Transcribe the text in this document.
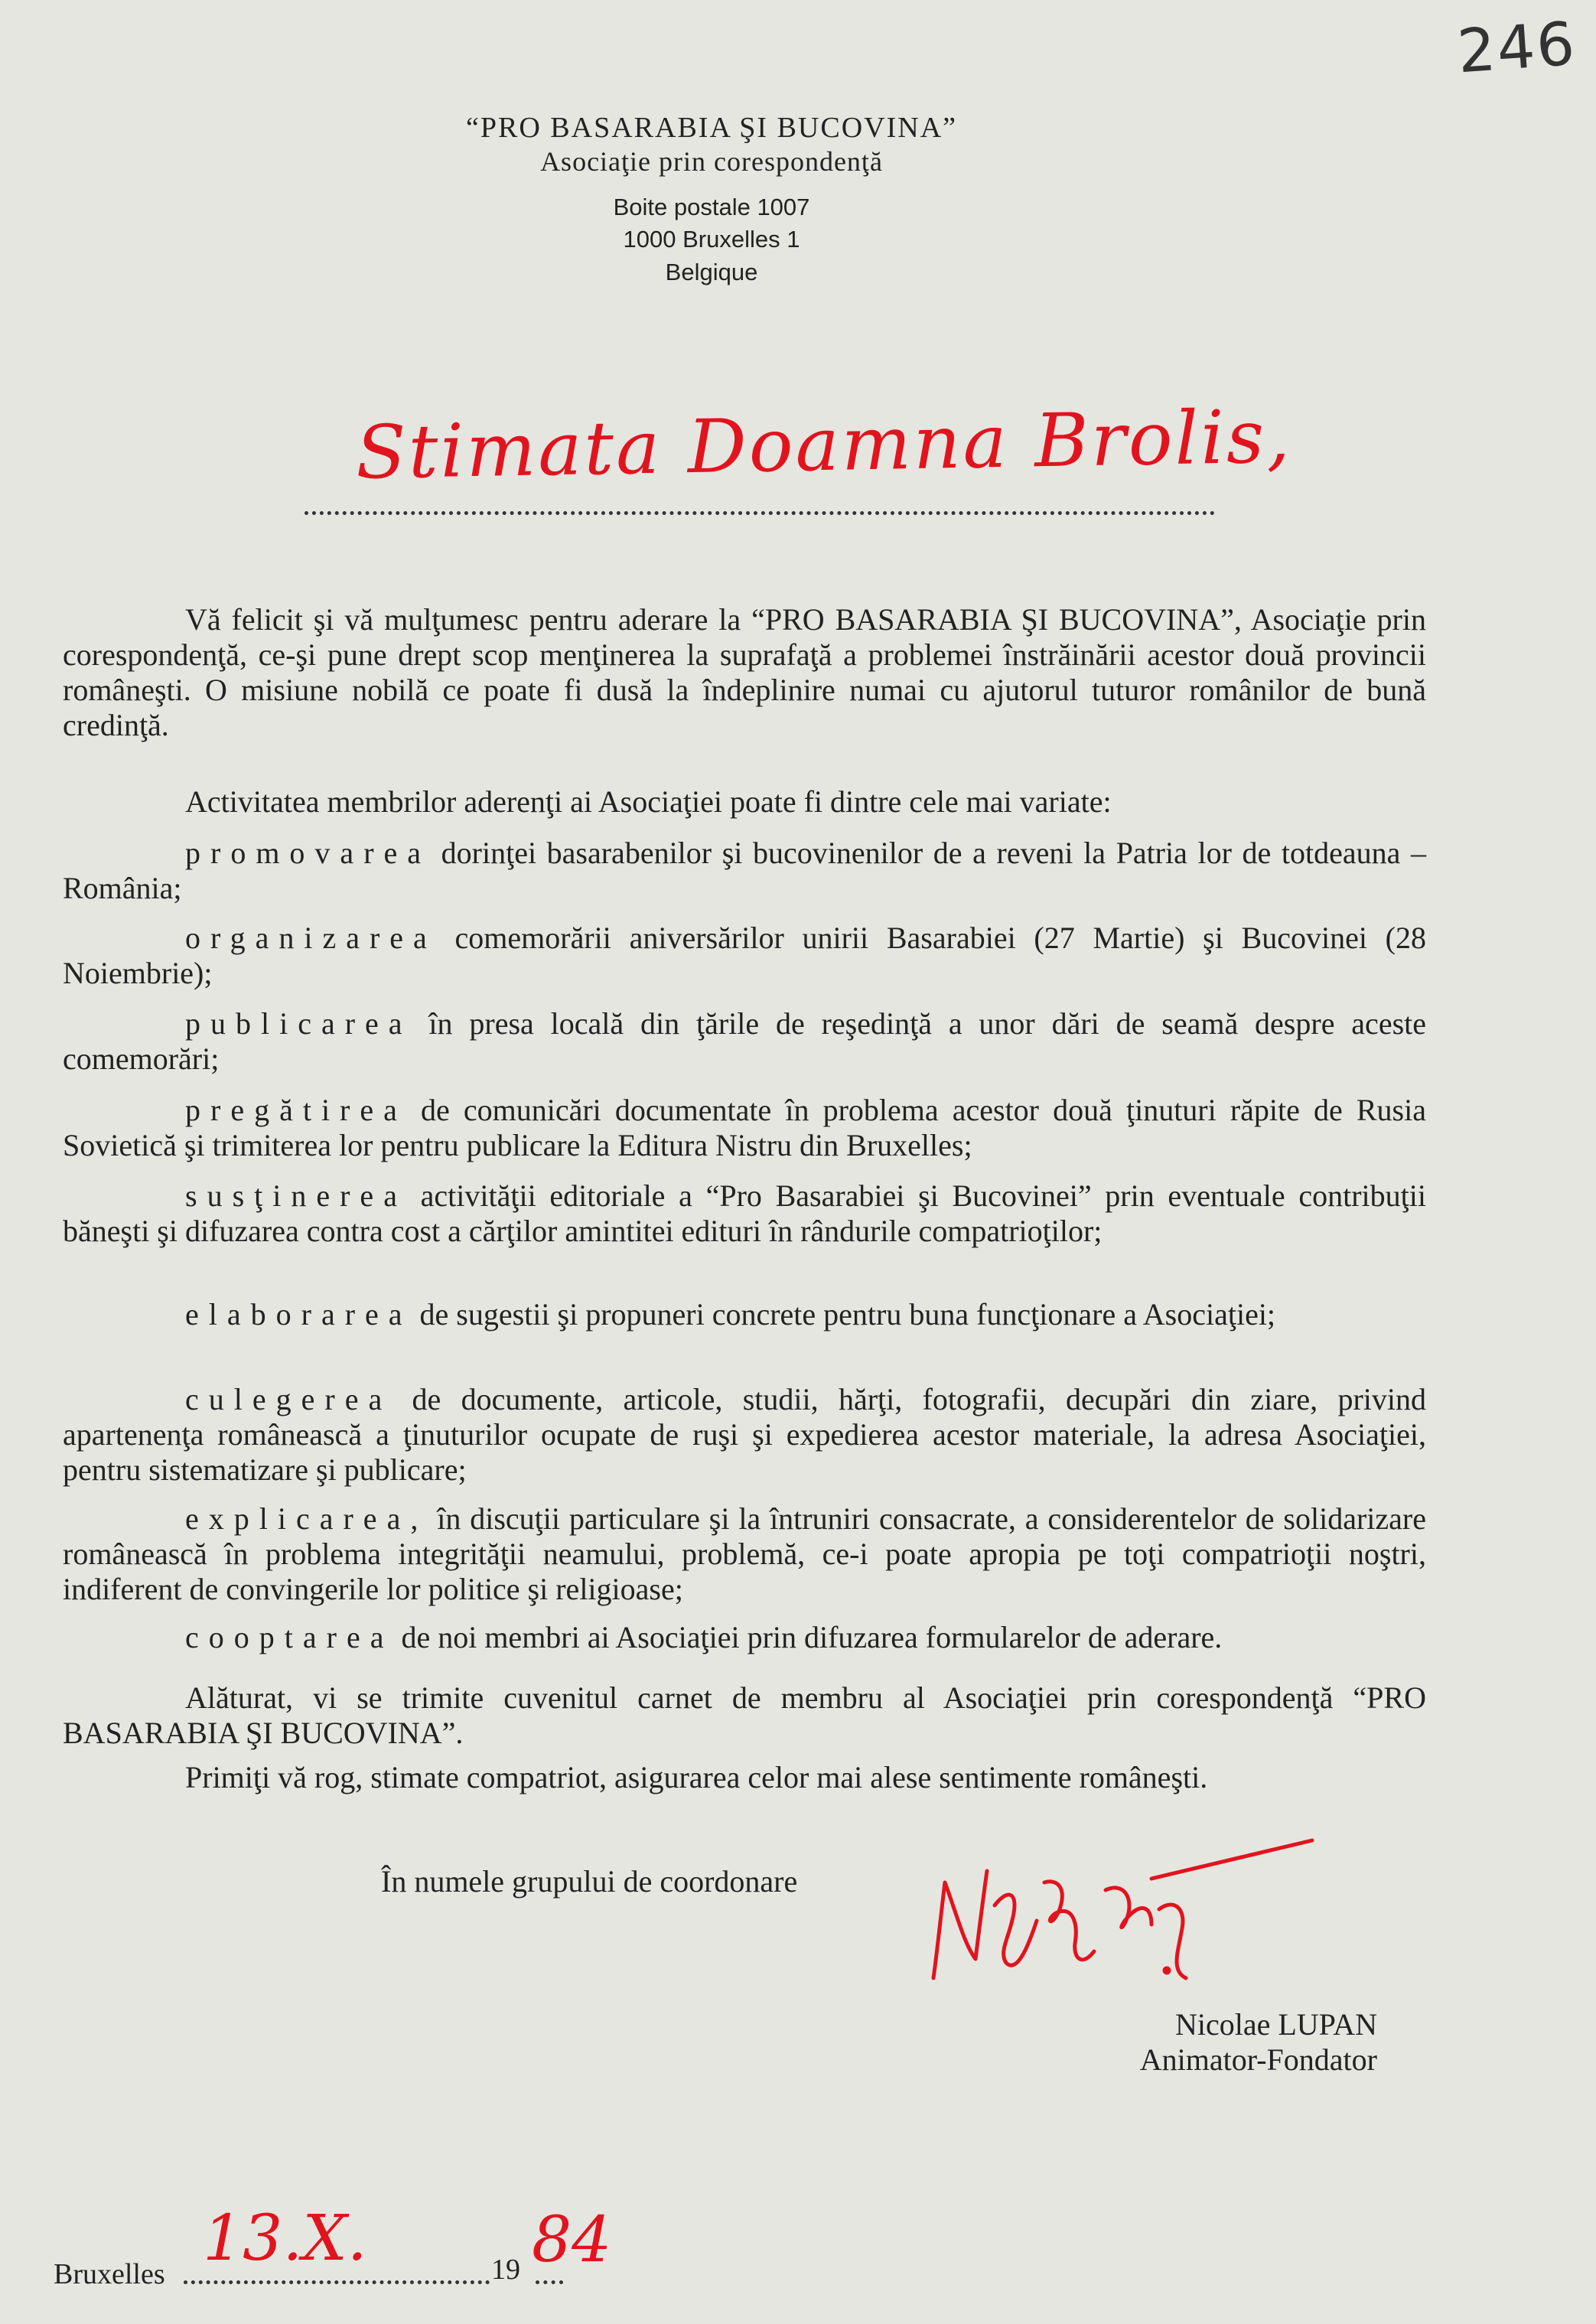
246
“PRO BASARABIA ŞI BUCOVINA”
Asociaţie prin corespondenţă
Boite postale 1007
1000 Bruxelles 1
Belgique
Stimata Doamna Brolis,
Vă felicit şi vă mulţumesc pentru aderare la “PRO BASARABIA ŞI BUCOVINA”, Asociaţie prin corespondenţă, ce-şi pune drept scop menţinerea la suprafaţă a problemei înstrăinării acestor două provincii româneşti. O misiune nobilă ce poate fi dusă la îndeplinire numai cu ajutorul tuturor românilor de bună credinţă.
Activitatea membrilor aderenţi ai Asociaţiei poate fi dintre cele mai variate:
promovarea dorinţei basarabenilor şi bucovinenilor de a reveni la Patria lor de totdeauna – România;
organizarea comemorării aniversărilor unirii Basarabiei (27 Martie) şi Bucovinei (28 Noiembrie);
publicarea în presa locală din ţările de reşedinţă a unor dări de seamă despre aceste comemorări;
pregătirea de comunicări documentate în problema acestor două ţinuturi răpite de Rusia Sovietică şi trimiterea lor pentru publicare la Editura Nistru din Bruxelles;
susţinerea activităţii editoriale a “Pro Basarabiei şi Bucovinei” prin eventuale contribuţii băneşti şi difuzarea contra cost a cărţilor amintitei edituri în rândurile compatrioţilor;
elaborarea de sugestii şi propuneri concrete pentru buna funcţionare a Asociaţiei;
culegerea de documente, articole, studii, hărţi, fotografii, decupări din ziare, privind apartenenţa românească a ţinuturilor ocupate de ruşi şi expedierea acestor materiale, la adresa Asociaţiei, pentru sistematizare şi publicare;
explicarea, în discuţii particulare şi la întruniri consacrate, a considerentelor de solidarizare românească în problema integrităţii neamului, problemă, ce-i poate apropia pe toţi compatrioţii noştri, indiferent de convingerile lor politice şi religioase;
cooptarea de noi membri ai Asociaţiei prin difuzarea formularelor de aderare.
Alăturat, vi se trimite cuvenitul carnet de membru al Asociaţiei prin corespondenţă “PRO BASARABIA ŞI BUCOVINA”.
Primiţi vă rog, stimate compatriot, asigurarea celor mai alese sentimente româneşti.
În numele grupului de coordonare
Nicolae LUPAN
Animator-Fondator
Bruxelles 13.X.	19 84
